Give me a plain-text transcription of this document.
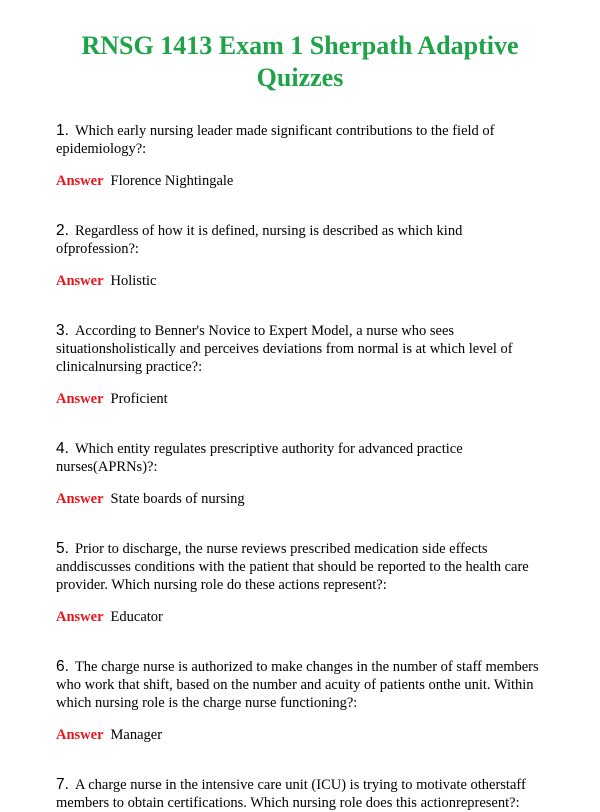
RNSG 1413 Exam 1 Sherpath Adaptive Quizzes

1. Which early nursing leader made significant contributions to the field of epidemiology?:

Answer Florence Nightingale

2. Regardless of how it is defined, nursing is described as which kind ofprofession?:

Answer Holistic

3. According to Benner's Novice to Expert Model, a nurse who sees situationsholistically and perceives deviations from normal is at which level of clinicalnursing practice?:

Answer Proficient

4. Which entity regulates prescriptive authority for advanced practice nurses(APRNs)?:

Answer State boards of nursing

5. Prior to discharge, the nurse reviews prescribed medication side effects anddiscusses conditions with the patient that should be reported to the health care provider. Which nursing role do these actions represent?:

Answer Educator

6. The charge nurse is authorized to make changes in the number of staff members who work that shift, based on the number and acuity of patients onthe unit. Within which nursing role is the charge nurse functioning?:

Answer Manager

7. A charge nurse in the intensive care unit (ICU) is trying to motivate otherstaff members to obtain certifications. Which nursing role does this actionrepresent?:
